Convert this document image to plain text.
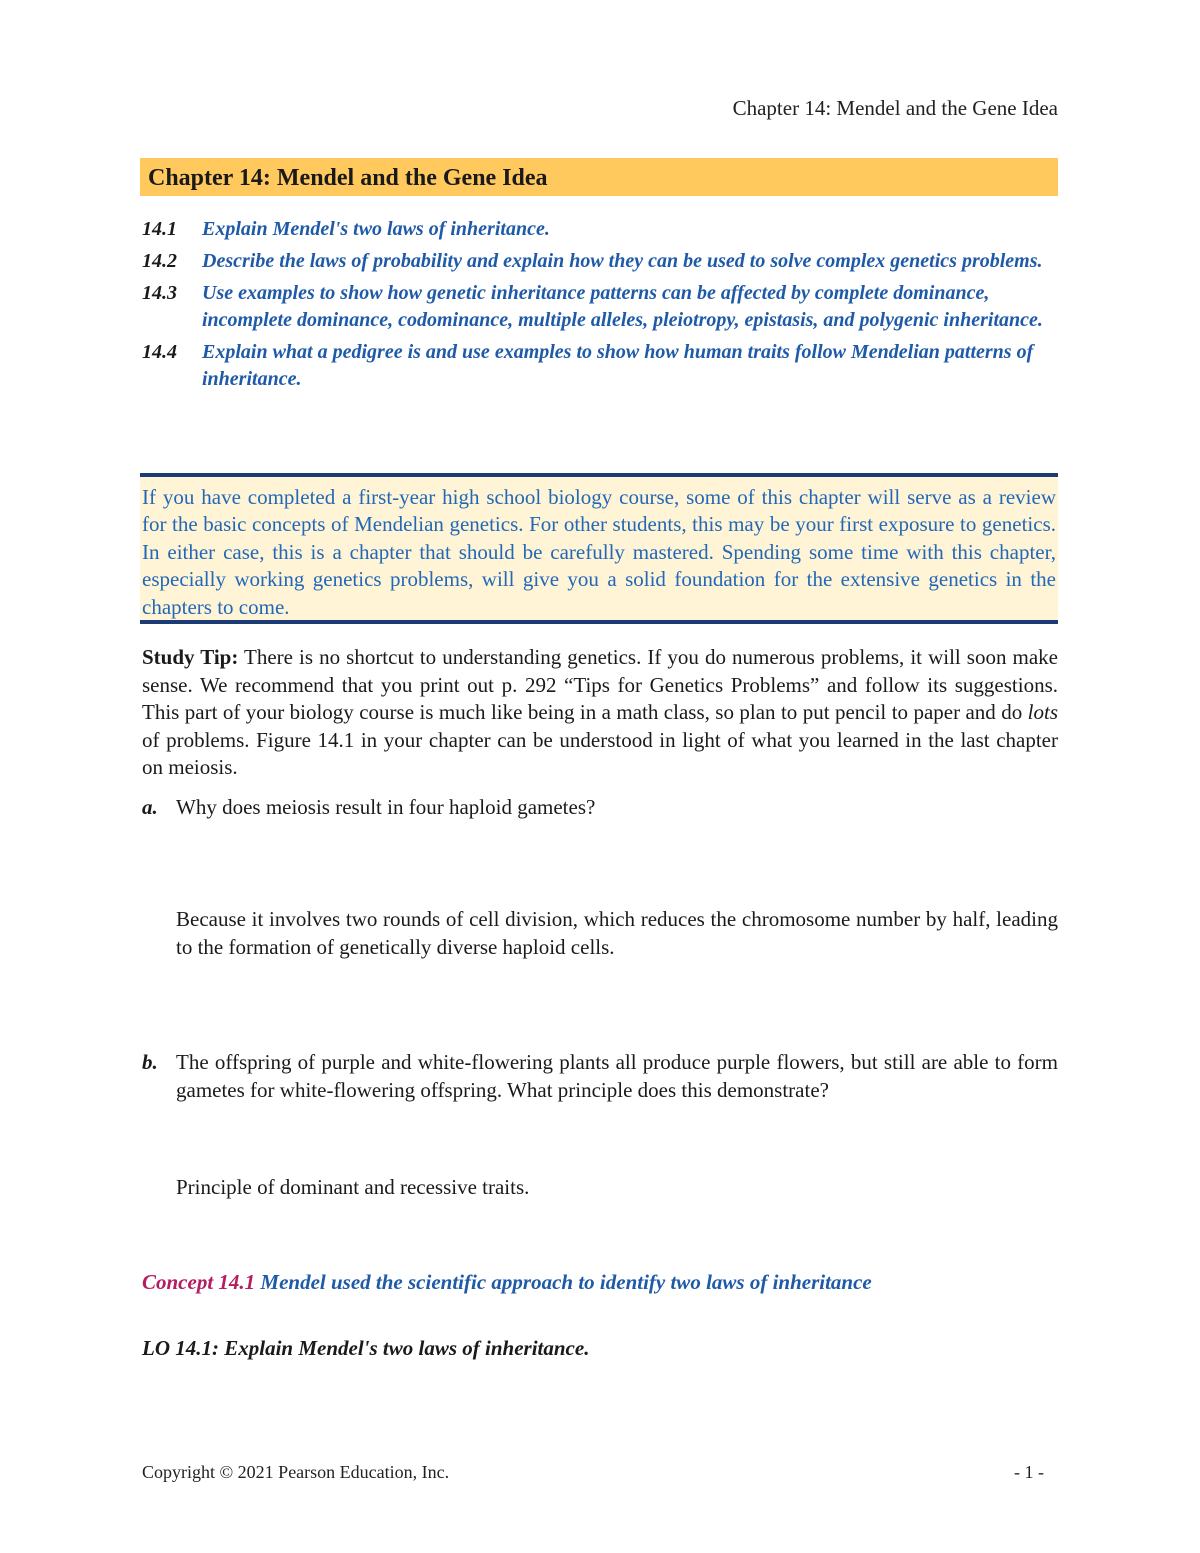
Chapter 14: Mendel and the Gene Idea
Chapter 14: Mendel and the Gene Idea
14.1	Explain Mendel's two laws of inheritance.
14.2	Describe the laws of probability and explain how they can be used to solve complex genetics problems.
14.3	Use examples to show how genetic inheritance patterns can be affected by complete dominance, incomplete dominance, codominance, multiple alleles, pleiotropy, epistasis, and polygenic inheritance.
14.4	Explain what a pedigree is and use examples to show how human traits follow Mendelian patterns of inheritance.

If you have completed a first-year high school biology course, some of this chapter will serve as a review for the basic concepts of Mendelian genetics. For other students, this may be your first exposure to genetics. In either case, this is a chapter that should be carefully mastered. Spending some time with this chapter, especially working genetics problems, will give you a solid foundation for the extensive genetics in the chapters to come.

Study Tip: There is no shortcut to understanding genetics. If you do numerous problems, it will soon make sense. We recommend that you print out p. 292 “Tips for Genetics Problems” and follow its suggestions. This part of your biology course is much like being in a math class, so plan to put pencil to paper and do lots of problems. Figure 14.1 in your chapter can be understood in light of what you learned in the last chapter on meiosis.

a. Why does meiosis result in four haploid gametes?
Because it involves two rounds of cell division, which reduces the chromosome number by half, leading to the formation of genetically diverse haploid cells.
b. The offspring of purple and white-flowering plants all produce purple flowers, but still are able to form gametes for white-flowering offspring. What principle does this demonstrate?
Principle of dominant and recessive traits.
Concept 14.1 Mendel used the scientific approach to identify two laws of inheritance
LO 14.1: Explain Mendel's two laws of inheritance.
Copyright © 2021 Pearson Education, Inc.	- 1 -
